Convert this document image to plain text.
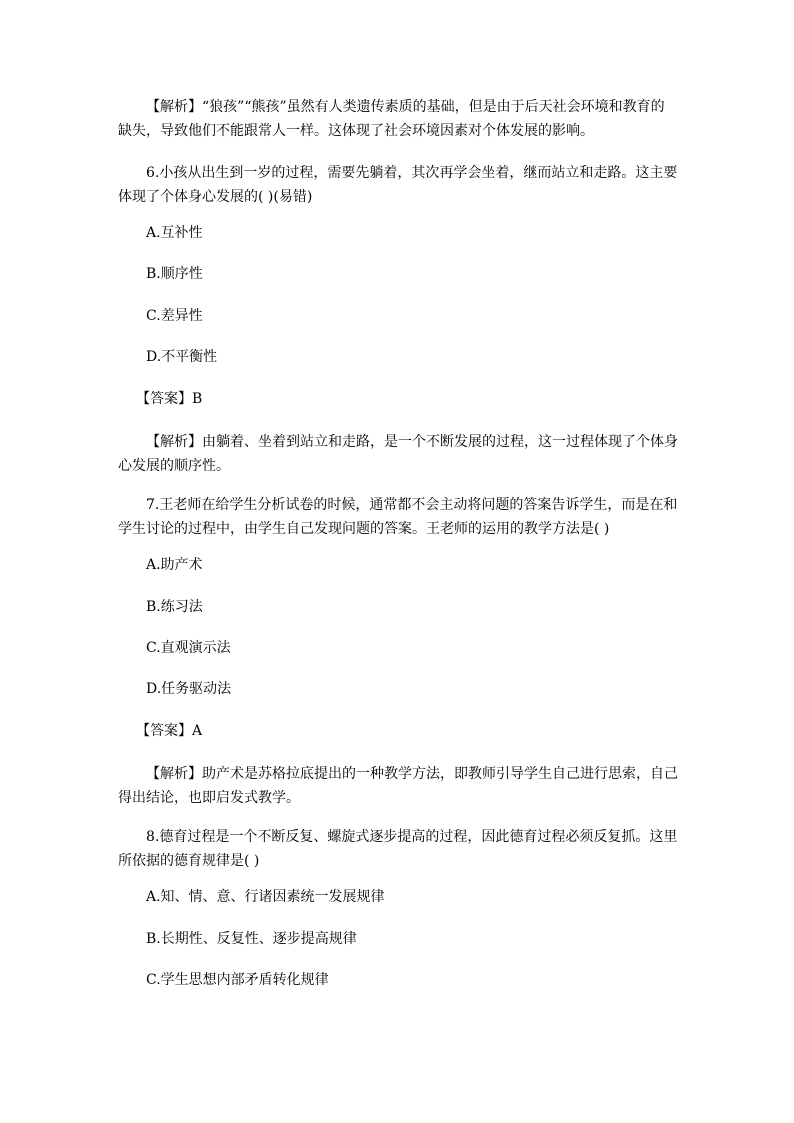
【解析】“狼孩”“熊孩”虽然有人类遗传素质的基础，但是由于后天社会环境和教育的缺失，导致他们不能跟常人一样。这体现了社会环境因素对个体发展的影响。

6.小孩从出生到一岁的过程，需要先躺着，其次再学会坐着，继而站立和走路。这主要体现了个体身心发展的( )(易错)

A.互补性

B.顺序性

C.差异性

D.不平衡性

【答案】B

【解析】由躺着、坐着到站立和走路，是一个不断发展的过程，这一过程体现了个体身心发展的顺序性。

7.王老师在给学生分析试卷的时候，通常都不会主动将问题的答案告诉学生，而是在和学生讨论的过程中，由学生自己发现问题的答案。王老师的运用的教学方法是( )

A.助产术

B.练习法

C.直观演示法

D.任务驱动法

【答案】A

【解析】助产术是苏格拉底提出的一种教学方法，即教师引导学生自己进行思索，自己得出结论，也即启发式教学。

8.德育过程是一个不断反复、螺旋式逐步提高的过程，因此德育过程必须反复抓。这里所依据的德育规律是( )

A.知、情、意、行诸因素统一发展规律

B.长期性、反复性、逐步提高规律

C.学生思想内部矛盾转化规律
